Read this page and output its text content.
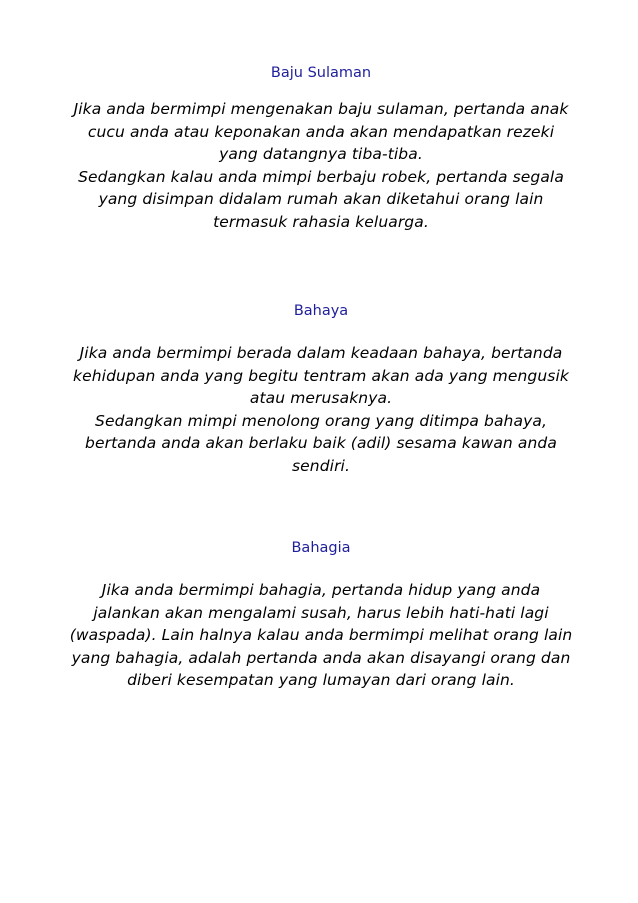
Baju Sulaman

Jika anda bermimpi mengenakan baju sulaman, pertanda anak
cucu anda atau keponakan anda akan mendapatkan rezeki
yang datangnya tiba-tiba.
Sedangkan kalau anda mimpi berbaju robek, pertanda segala
yang disimpan didalam rumah akan diketahui orang lain
termasuk rahasia keluarga.

Bahaya

Jika anda bermimpi berada dalam keadaan bahaya, bertanda
kehidupan anda yang begitu tentram akan ada yang mengusik
atau merusaknya.
Sedangkan mimpi menolong orang yang ditimpa bahaya,
bertanda anda akan berlaku baik (adil) sesama kawan anda
sendiri.

Bahagia

Jika anda bermimpi bahagia, pertanda hidup yang anda
jalankan akan mengalami susah, harus lebih hati-hati lagi
(waspada). Lain halnya kalau anda bermimpi melihat orang lain
yang bahagia, adalah pertanda anda akan disayangi orang dan
diberi kesempatan yang lumayan dari orang lain.
